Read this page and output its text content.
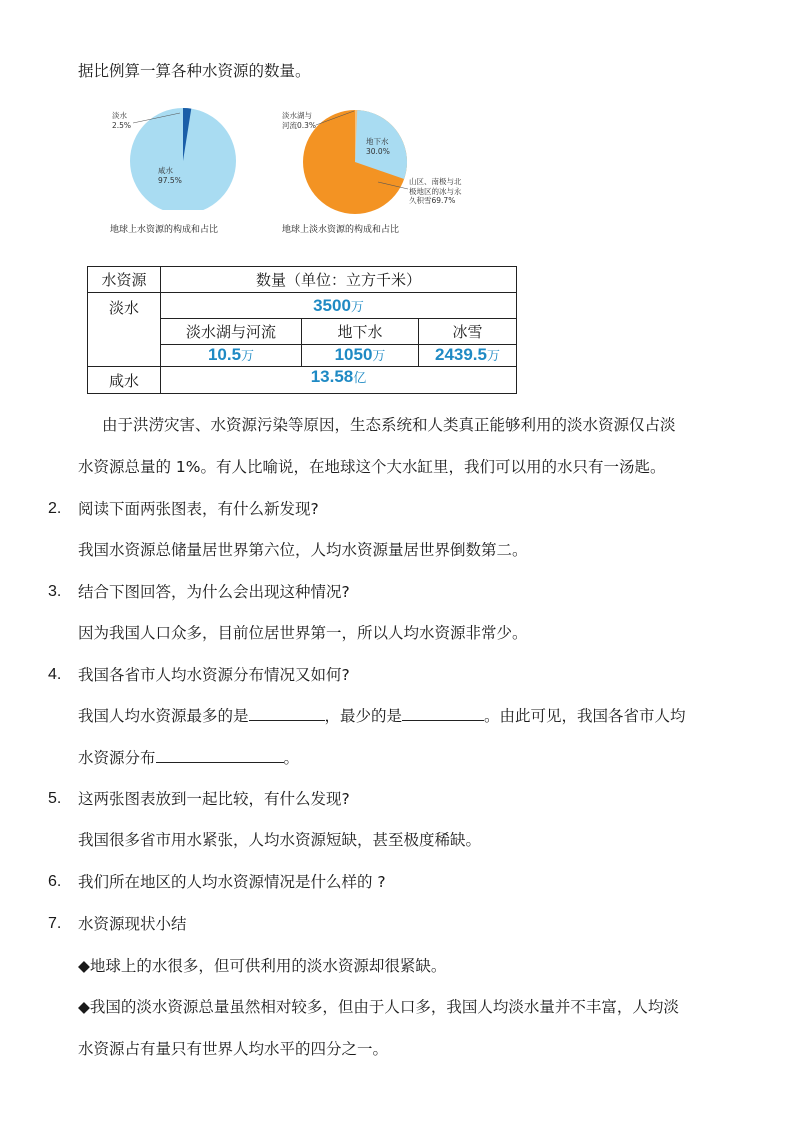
据比例算一算各种水资源的数量。
淡水
2.5%
咸水
97.5%
地球上水资源的构成和占比
淡水湖与
河流0.3%
地下水
30.0%
山区、南极与北
极地区的冰与永
久积雪69.7%
地球上淡水资源的构成和占比
水资源	数量（单位：立方千米）		
淡水	3500万		
	淡水湖与河流	地下水	冰雪
	10.5万	1050万	2439.5万
咸水	13.58亿		
由于洪涝灾害、水资源污染等原因，生态系统和人类真正能够利用的淡水资源仅占淡
水资源总量的 1%。有人比喻说，在地球这个大水缸里，我们可以用的水只有一汤匙。
2. 阅读下面两张图表，有什么新发现?
我国水资源总储量居世界第六位，人均水资源量居世界倒数第二。
3. 结合下图回答，为什么会出现这种情况?
因为我国人口众多，目前位居世界第一，所以人均水资源非常少。
4. 我国各省市人均水资源分布情况又如何?
我国人均水资源最多的是	，最少的是	。由此可见，我国各省市人均
水资源分布	。
5. 这两张图表放到一起比较，有什么发现?
我国很多省市用水紧张，人均水资源短缺，甚至极度稀缺。
6. 我们所在地区的人均水资源情况是什么样的 ?
7. 水资源现状小结
◆地球上的水很多，但可供利用的淡水资源却很紧缺。
◆我国的淡水资源总量虽然相对较多，但由于人口多，我国人均淡水量并不丰富，人均淡
水资源占有量只有世界人均水平的四分之一。
